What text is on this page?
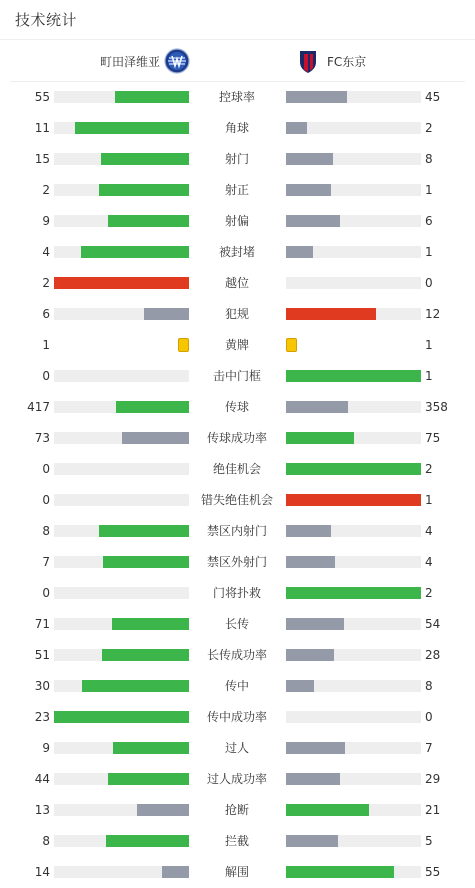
技术统计
町田泽维亚	FC东京
55	控球率	45
11	角球	2
15	射门	8
2	射正	1
9	射偏	6
4	被封堵	1
2	越位	0
6	犯规	12
1	黄牌	1
0	击中门框	1
417	传球	358
73	传球成功率	75
0	绝佳机会	2
0	错失绝佳机会	1
8	禁区内射门	4
7	禁区外射门	4
0	门将扑救	2
71	长传	54
51	长传成功率	28
30	传中	8
23	传中成功率	0
9	过人	7
44	过人成功率	29
13	抢断	21
8	拦截	5
14	解围	55
